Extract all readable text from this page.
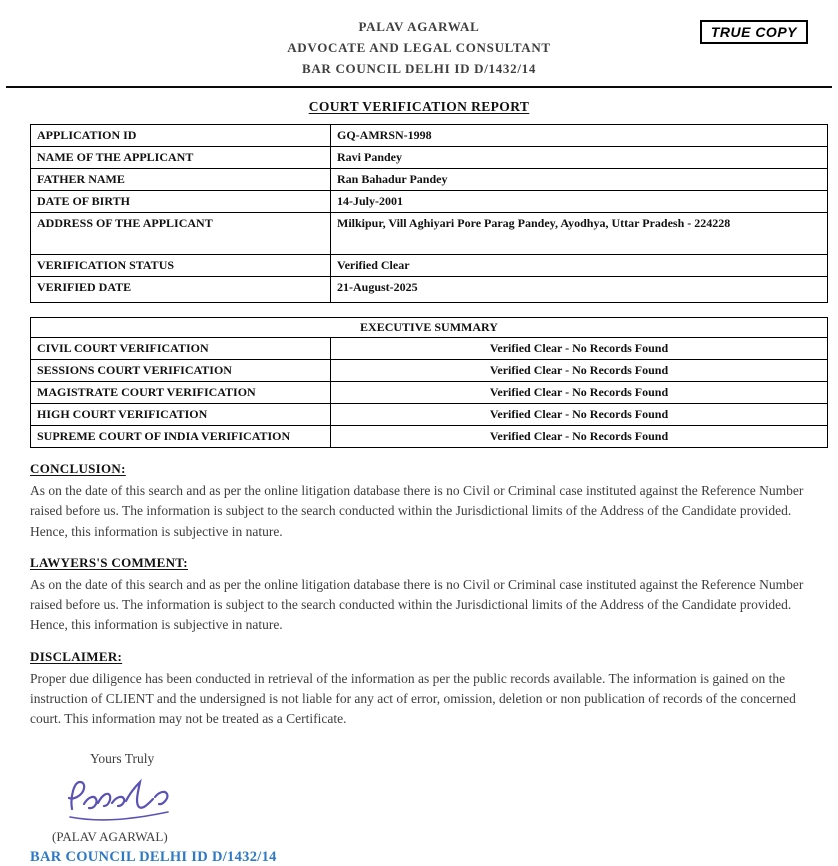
PALAV AGARWAL
ADVOCATE AND LEGAL CONSULTANT
BAR COUNCIL DELHI ID D/1432/14
TRUE COPY
COURT VERIFICATION REPORT
APPLICATION ID	GQ-AMRSN-1998
NAME OF THE APPLICANT	Ravi Pandey
FATHER NAME	Ran Bahadur Pandey
DATE OF BIRTH	14-July-2001
ADDRESS OF THE APPLICANT	Milkipur, Vill Aghiyari Pore Parag Pandey, Ayodhya, Uttar Pradesh - 224228
VERIFICATION STATUS	Verified Clear
VERIFIED DATE	21-August-2025
EXECUTIVE SUMMARY	
CIVIL COURT VERIFICATION	Verified Clear - No Records Found
SESSIONS COURT VERIFICATION	Verified Clear - No Records Found
MAGISTRATE COURT VERIFICATION	Verified Clear - No Records Found
HIGH COURT VERIFICATION	Verified Clear - No Records Found
SUPREME COURT OF INDIA VERIFICATION	Verified Clear - No Records Found
CONCLUSION:

As on the date of this search and as per the online litigation database there is no Civil or Criminal case instituted against the Reference Number raised before us. The information is subject to the search conducted within the Jurisdictional limits of the Address of the Candidate provided. Hence, this information is subjective in nature.

LAWYERS'S COMMENT:

As on the date of this search and as per the online litigation database there is no Civil or Criminal case instituted against the Reference Number raised before us. The information is subject to the search conducted within the Jurisdictional limits of the Address of the Candidate provided. Hence, this information is subjective in nature.

DISCLAIMER:

Proper due diligence has been conducted in retrieval of the information as per the public records available. The information is gained on the instruction of CLIENT and the undersigned is not liable for any act of error, omission, deletion or non publication of records of the concerned court. This information may not be treated as a Certificate.

Yours Truly
(PALAV AGARWAL)
BAR COUNCIL DELHI ID D/1432/14
